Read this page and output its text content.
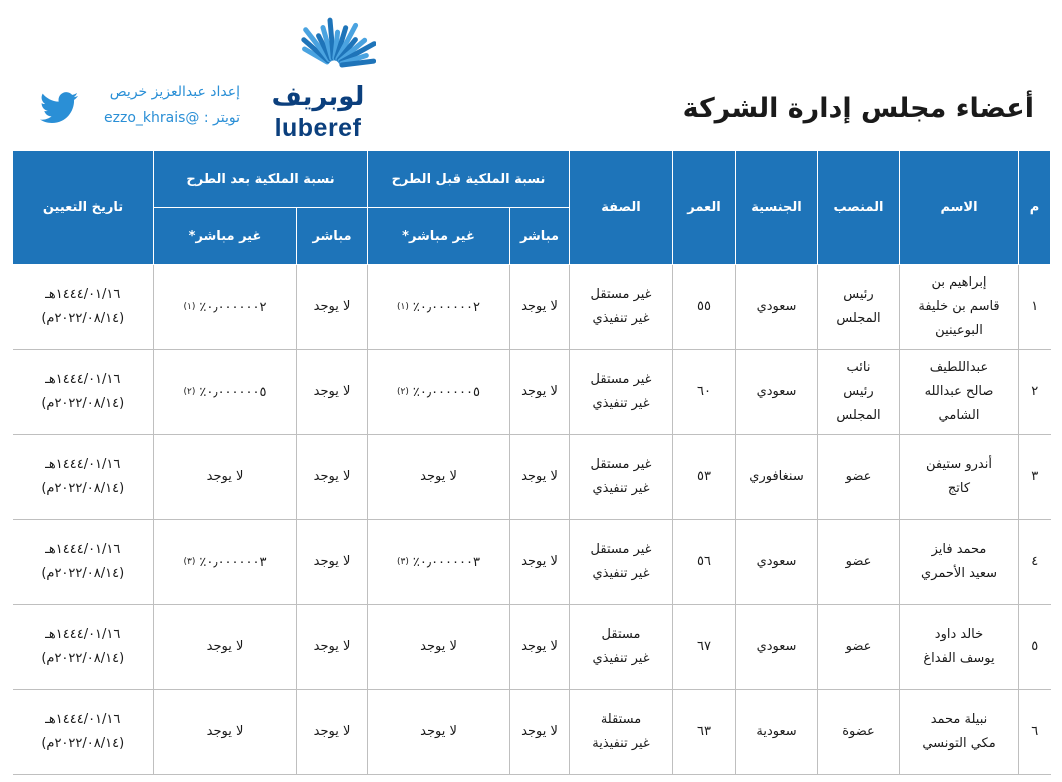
أعضاء مجلس إدارة الشركة
لوبريف
luberef
إعداد عبدالعزيز خريص
تويتر : @ezzo_khrais
م	الاسم	المنصب	الجنسية	العمر	الصفة	نسبة الملكية قبل الطرح		نسبة الملكية بعد الطرح		تاريخ التعيين
						مباشر	غير مباشر*	مباشر	غير مباشر*	
١	إبراهيم بن
قاسم بن خليفة
البوعينين	رئيس
المجلس	سعودي	٥٥	غير مستقل
غير تنفيذي	لا يوجد	٠٫٠٠٠٠٠٠٢٪(١)	لا يوجد	٠٫٠٠٠٠٠٠٢٪(١)	١٤٤٤/٠١/١٦هـ
(٢٠٢٢/٠٨/١٤م)
٢	عبداللطيف
صالح عبدالله
الشامي	نائب
رئيس
المجلس	سعودي	٦٠	غير مستقل
غير تنفيذي	لا يوجد	٠٫٠٠٠٠٠٠٥٪(٢)	لا يوجد	٠٫٠٠٠٠٠٠٥٪(٢)	١٤٤٤/٠١/١٦هـ
(٢٠٢٢/٠٨/١٤م)
٣	أندرو ستيفن
كاتج	عضو	سنغافوري	٥٣	غير مستقل
غير تنفيذي	لا يوجد	لا يوجد	لا يوجد	لا يوجد	١٤٤٤/٠١/١٦هـ
(٢٠٢٢/٠٨/١٤م)
٤	محمد فايز
سعيد الأحمري	عضو	سعودي	٥٦	غير مستقل
غير تنفيذي	لا يوجد	٠٫٠٠٠٠٠٠٣٪(٣)	لا يوجد	٠٫٠٠٠٠٠٠٣٪(٣)	١٤٤٤/٠١/١٦هـ
(٢٠٢٢/٠٨/١٤م)
٥	خالد داود
يوسف الفداغ	عضو	سعودي	٦٧	مستقل
غير تنفيذي	لا يوجد	لا يوجد	لا يوجد	لا يوجد	١٤٤٤/٠١/١٦هـ
(٢٠٢٢/٠٨/١٤م)
٦	نبيلة محمد
مكي التونسي	عضوة	سعودية	٦٣	مستقلة
غير تنفيذية	لا يوجد	لا يوجد	لا يوجد	لا يوجد	١٤٤٤/٠١/١٦هـ
(٢٠٢٢/٠٨/١٤م)
